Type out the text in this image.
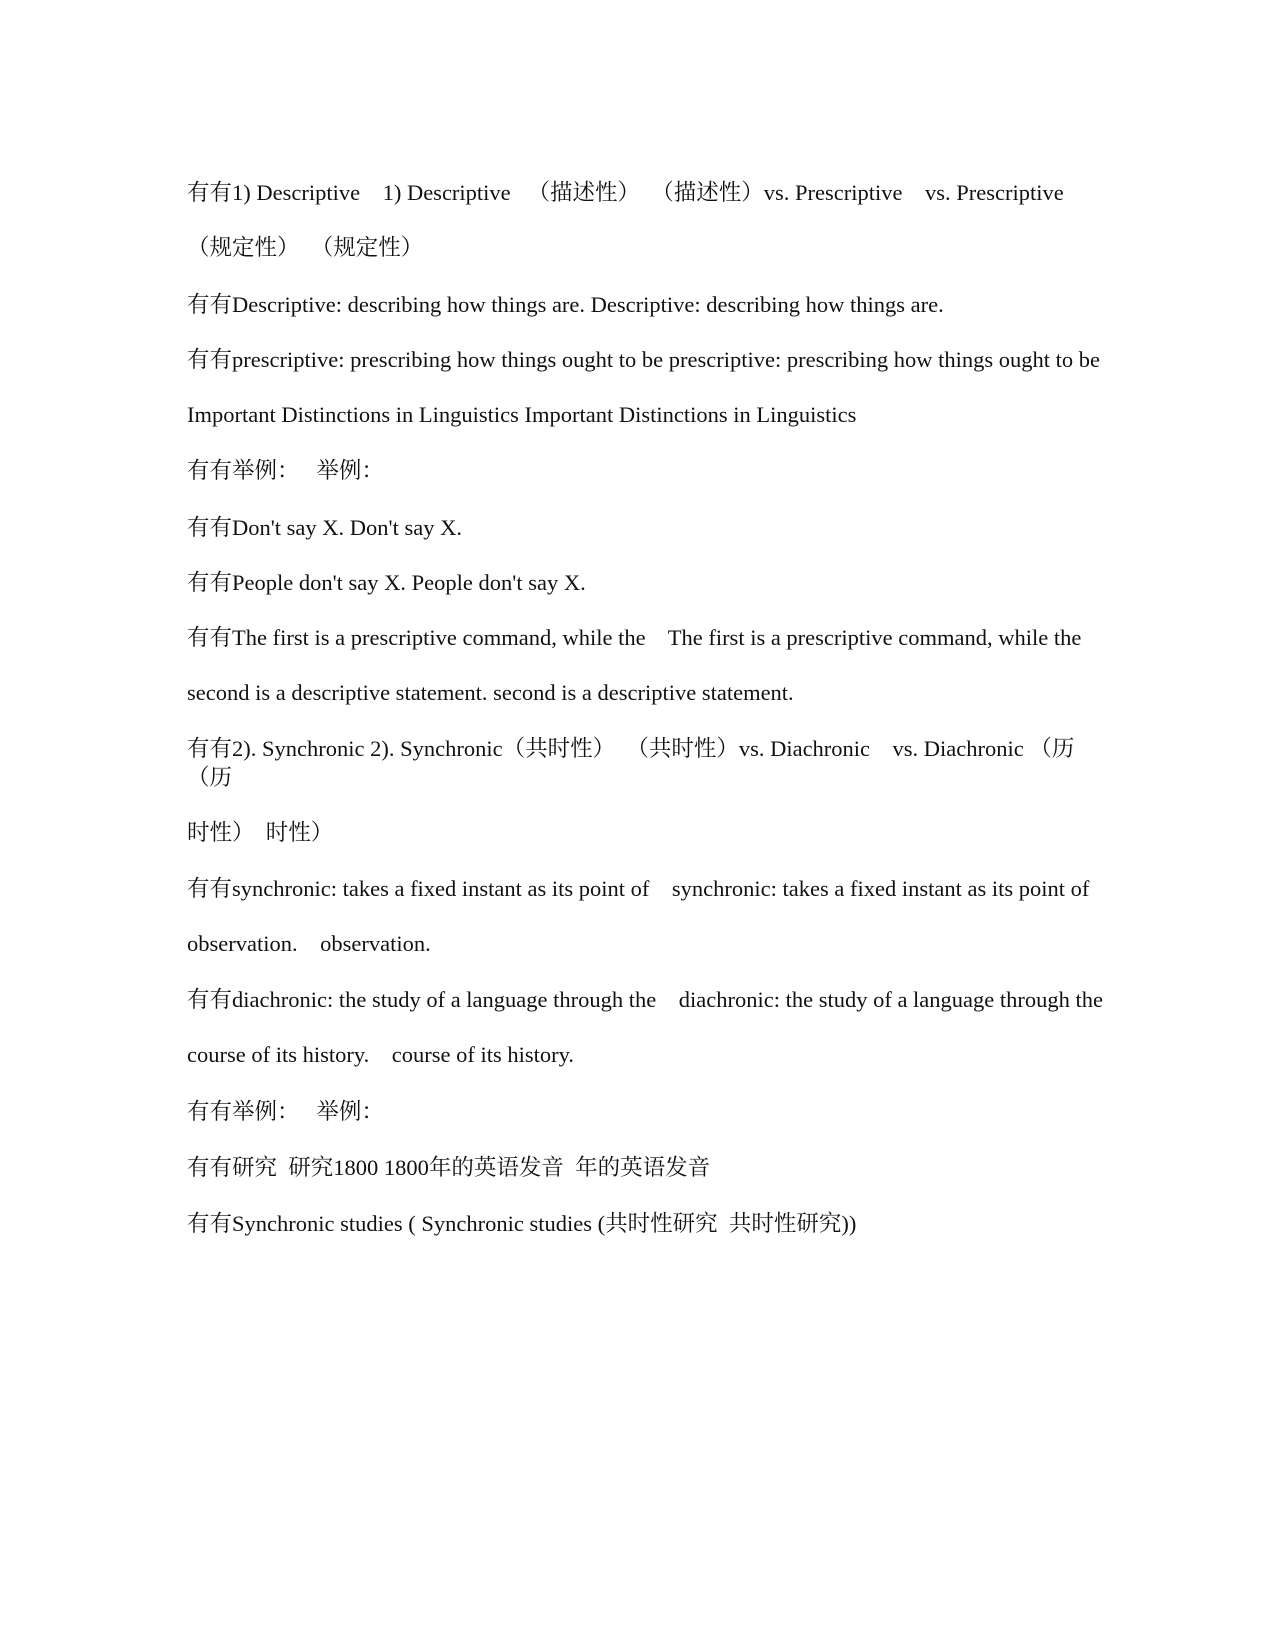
有有1) Descriptive    1) Descriptive   （描述性）  （描述性）vs. Prescriptive    vs. Prescriptive

（规定性）  （规定性）

有有Descriptive: describing how things are. Descriptive: describing how things are.

有有prescriptive: prescribing how things ought to be prescriptive: prescribing how things ought to be

Important Distinctions in Linguistics Important Distinctions in Linguistics

有有举例：   举例：

有有Don't say X. Don't say X.

有有People don't say X. People don't say X.

有有The first is a prescriptive command, while the    The first is a prescriptive command, while the

second is a descriptive statement. second is a descriptive statement.

有有2). Synchronic 2). Synchronic（共时性）  （共时性）vs. Diachronic    vs. Diachronic （历  （历

时性）  时性）

有有synchronic: takes a fixed instant as its point of    synchronic: takes a fixed instant as its point of

observation.    observation.

有有diachronic: the study of a language through the    diachronic: the study of a language through the

course of its history.    course of its history.

有有举例：   举例：

有有研究  研究1800 1800年的英语发音  年的英语发音

有有Synchronic studies ( Synchronic studies (共时性研究  共时性研究))
